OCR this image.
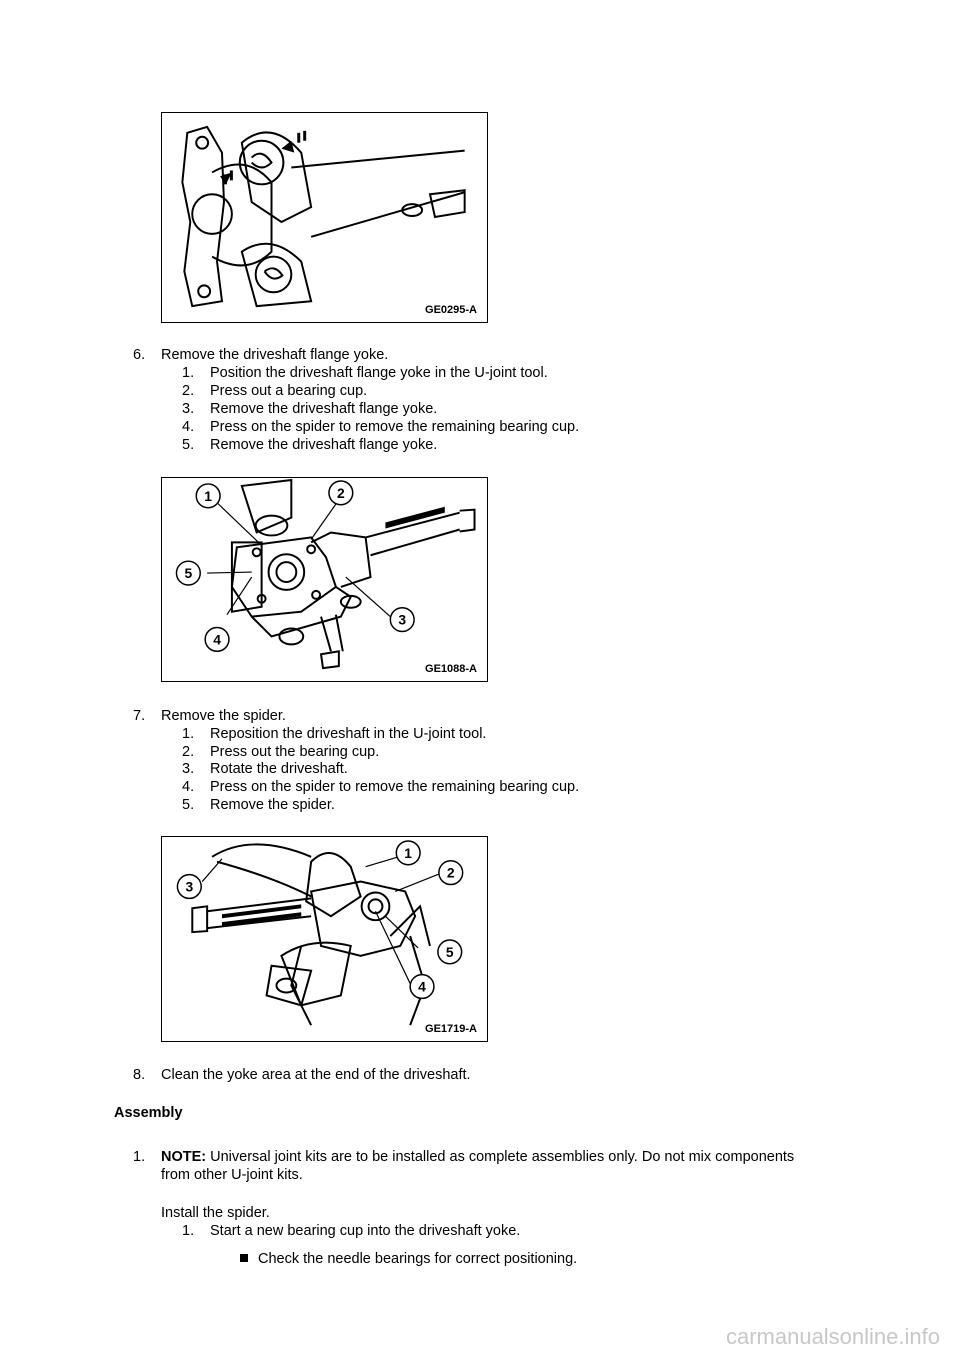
GE0295-A
6.	Remove the driveshaft flange yoke.
1. Position the driveshaft flange yoke in the U-joint tool.
2. Press out a bearing cup.
3. Remove the driveshaft flange yoke.
4. Press on the spider to remove the remaining bearing cup.
5. Remove the driveshaft flange yoke.
1	2
3
4
5
GE1088-A
7.	Remove the spider.
1. Reposition the driveshaft in the U-joint tool.
2. Press out the bearing cup.
3. Rotate the driveshaft.
4. Press on the spider to remove the remaining bearing cup.
5. Remove the spider.
1
2
3
5
4
GE1719-A
8.	Clean the yoke area at the end of the driveshaft.
Assembly
1.	NOTE: Universal joint kits are to be installed as complete assemblies only. Do not mix components from other U-joint kits.
Install the spider.
1. Start a new bearing cup into the driveshaft yoke.
Check the needle bearings for correct positioning.
carmanualsonline.info
